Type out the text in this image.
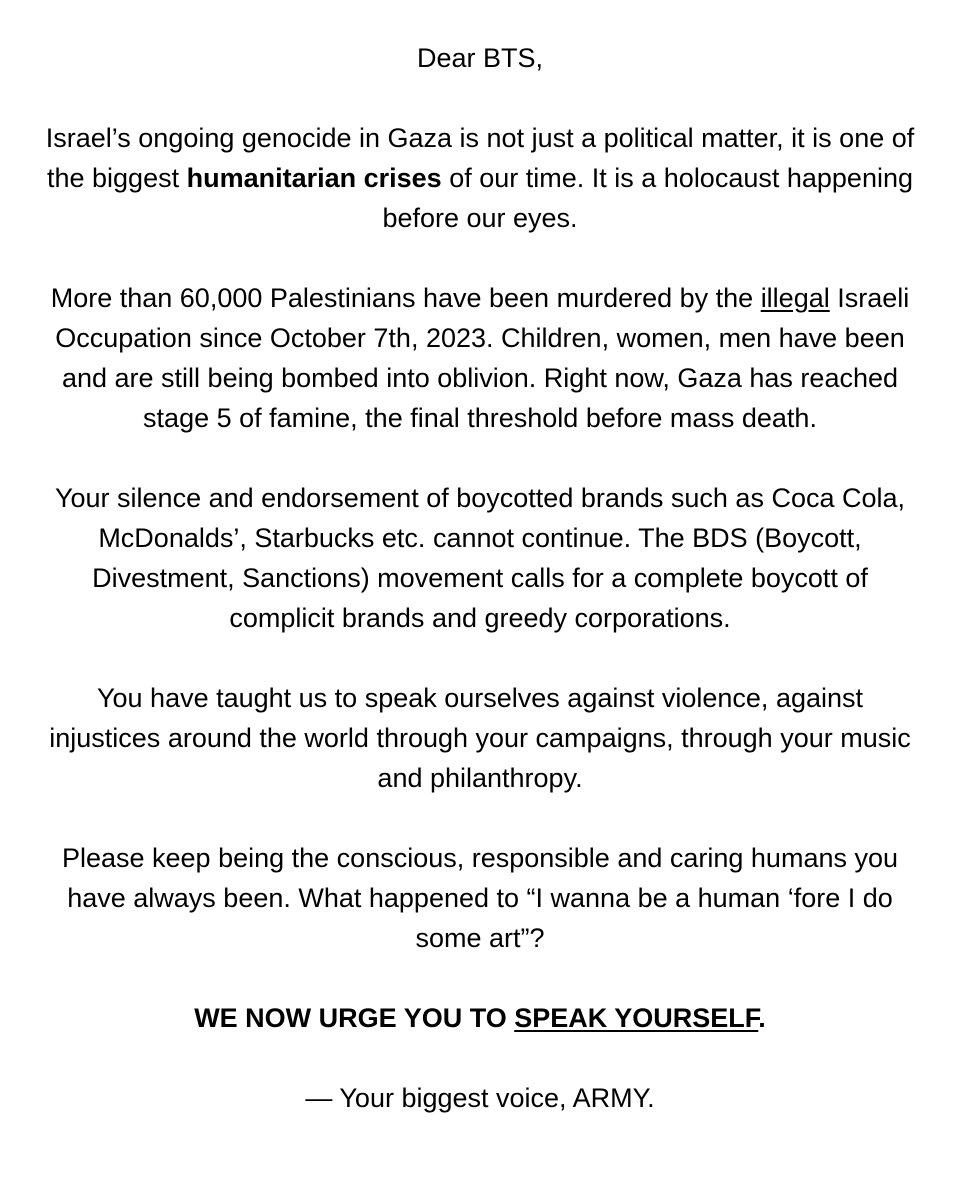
Dear BTS,

Israel’s ongoing genocide in Gaza is not just a political matter, it is one of the biggest humanitarian crises of our time. It is a holocaust happening before our eyes.

More than 60,000 Palestinians have been murdered by the illegal Israeli Occupation since October 7th, 2023. Children, women, men have been and are still being bombed into oblivion. Right now, Gaza has reached stage 5 of famine, the final threshold before mass death.

Your silence and endorsement of boycotted brands such as Coca Cola, McDonalds’, Starbucks etc. cannot continue. The BDS (Boycott, Divestment, Sanctions) movement calls for a complete boycott of complicit brands and greedy corporations.

You have taught us to speak ourselves against violence, against injustices around the world through your campaigns, through your music and philanthropy.

Please keep being the conscious, responsible and caring humans you have always been. What happened to “I wanna be a human ‘fore I do some art”?

WE NOW URGE YOU TO SPEAK YOURSELF.

— Your biggest voice, ARMY.
